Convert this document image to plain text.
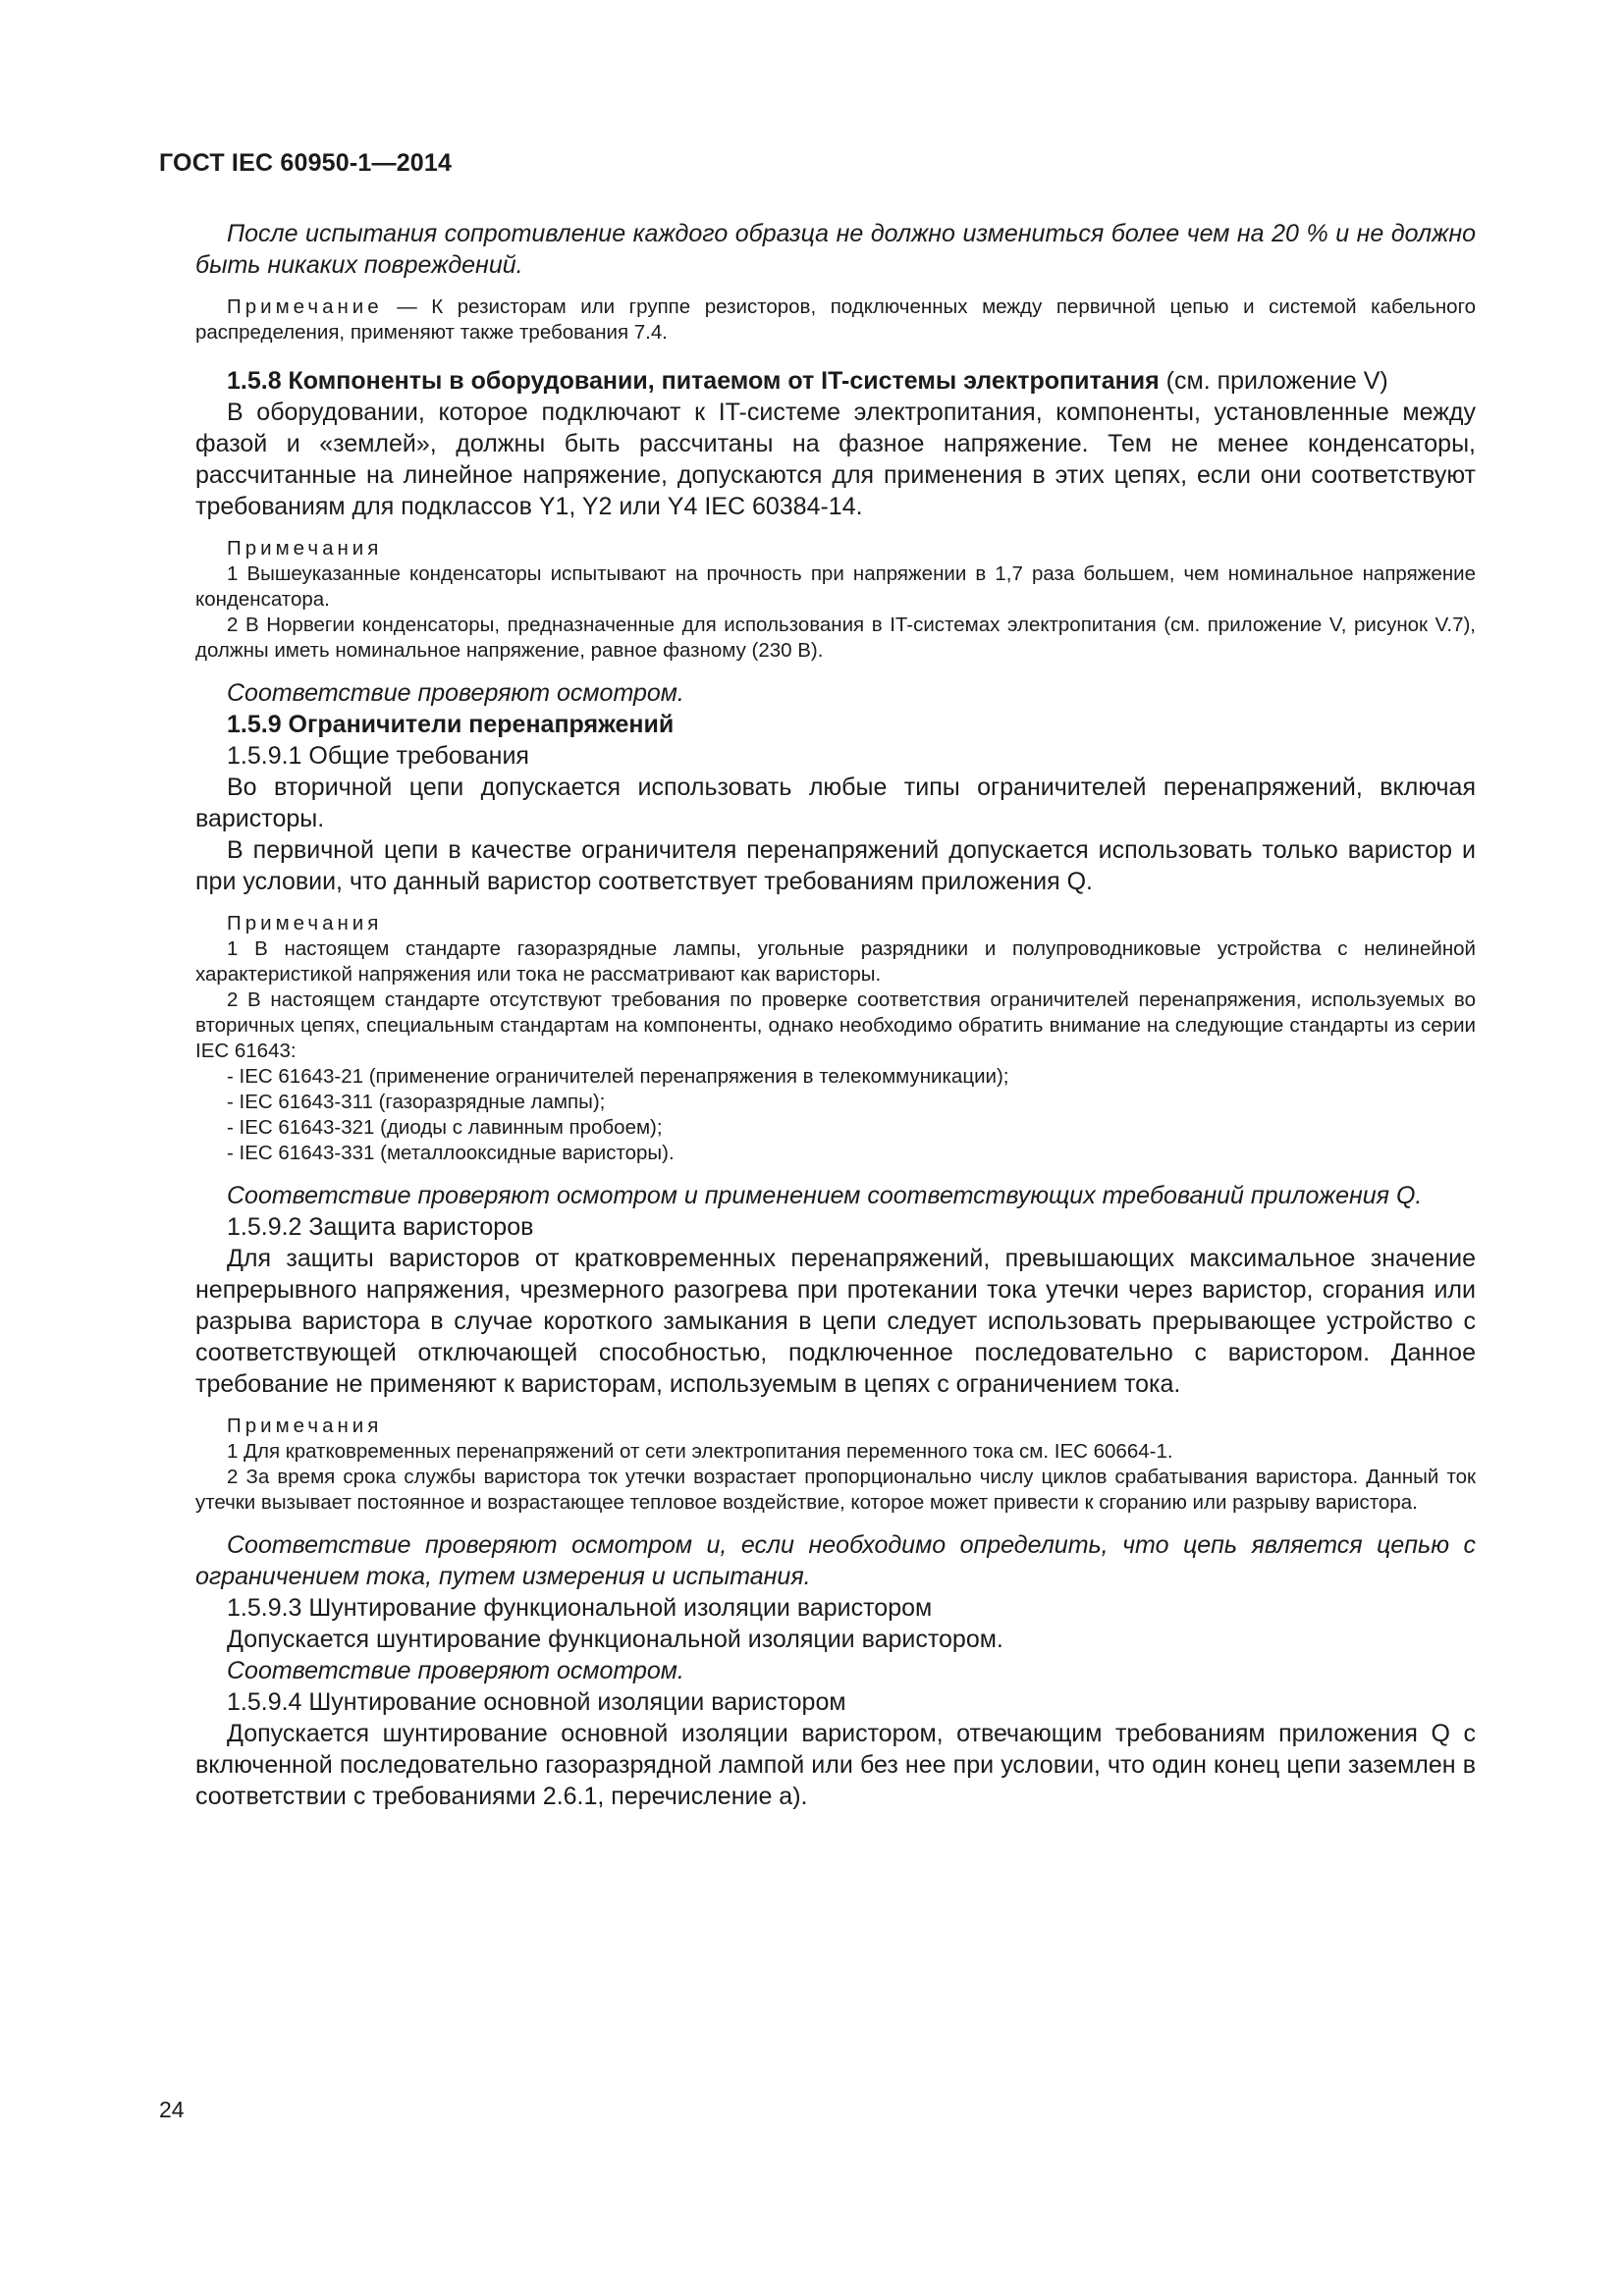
ГОСТ IEC 60950-1—2014

После испытания сопротивление каждого образца не должно измениться более чем на 20 % и не должно быть никаких повреждений.

Примечание — К резисторам или группе резисторов, подключенных между первичной цепью и системой кабельного распределения, применяют также требования 7.4.

1.5.8 Компоненты в оборудовании, питаемом от IT-системы электропитания (см. приложение V)

В оборудовании, которое подключают к IT-системе электропитания, компоненты, установленные между фазой и «землей», должны быть рассчитаны на фазное напряжение. Тем не менее конденсаторы, рассчитанные на линейное напряжение, допускаются для применения в этих цепях, если они соответствуют требованиям для подклассов Y1, Y2 или Y4 IEC 60384-14.

Примечания

1 Вышеуказанные конденсаторы испытывают на прочность при напряжении в 1,7 раза большем, чем номинальное напряжение конденсатора.

2 В Норвегии конденсаторы, предназначенные для использования в IT-системах электропитания (см. приложение V, рисунок V.7), должны иметь номинальное напряжение, равное фазному (230 В).

Соответствие проверяют осмотром.

1.5.9 Ограничители перенапряжений

1.5.9.1 Общие требования

Во вторичной цепи допускается использовать любые типы ограничителей перенапряжений, включая варисторы.

В первичной цепи в качестве ограничителя перенапряжений допускается использовать только варистор и при условии, что данный варистор соответствует требованиям приложения Q.

Примечания

1 В настоящем стандарте газоразрядные лампы, угольные разрядники и полупроводниковые устройства с нелинейной характеристикой напряжения или тока не рассматривают как варисторы.

2 В настоящем стандарте отсутствуют требования по проверке соответствия ограничителей перенапряжения, используемых во вторичных цепях, специальным стандартам на компоненты, однако необходимо обратить внимание на следующие стандарты из серии IEC 61643:

- IEC 61643-21 (применение ограничителей перенапряжения в телекоммуникации);

- IEC 61643-311 (газоразрядные лампы);

- IEC 61643-321 (диоды с лавинным пробоем);

- IEC 61643-331 (металлооксидные варисторы).

Соответствие проверяют осмотром и применением соответствующих требований приложения Q.

1.5.9.2 Защита варисторов

Для защиты варисторов от кратковременных перенапряжений, превышающих максимальное значение непрерывного напряжения, чрезмерного разогрева при протекании тока утечки через варистор, сгорания или разрыва варистора в случае короткого замыкания в цепи следует использовать прерывающее устройство с соответствующей отключающей способностью, подключенное последовательно с варистором. Данное требование не применяют к варисторам, используемым в цепях с ограничением тока.

Примечания

1 Для кратковременных перенапряжений от сети электропитания переменного тока см. IEC 60664-1.

2 За время срока службы варистора ток утечки возрастает пропорционально числу циклов срабатывания варистора. Данный ток утечки вызывает постоянное и возрастающее тепловое воздействие, которое может привести к сгоранию или разрыву варистора.

Соответствие проверяют осмотром и, если необходимо определить, что цепь является цепью с ограничением тока, путем измерения и испытания.

1.5.9.3 Шунтирование функциональной изоляции варистором

Допускается шунтирование функциональной изоляции варистором.

Соответствие проверяют осмотром.

1.5.9.4 Шунтирование основной изоляции варистором

Допускается шунтирование основной изоляции варистором, отвечающим требованиям приложения Q с включенной последовательно газоразрядной лампой или без нее при условии, что один конец цепи заземлен в соответствии с требованиями 2.6.1, перечисление а).

24
